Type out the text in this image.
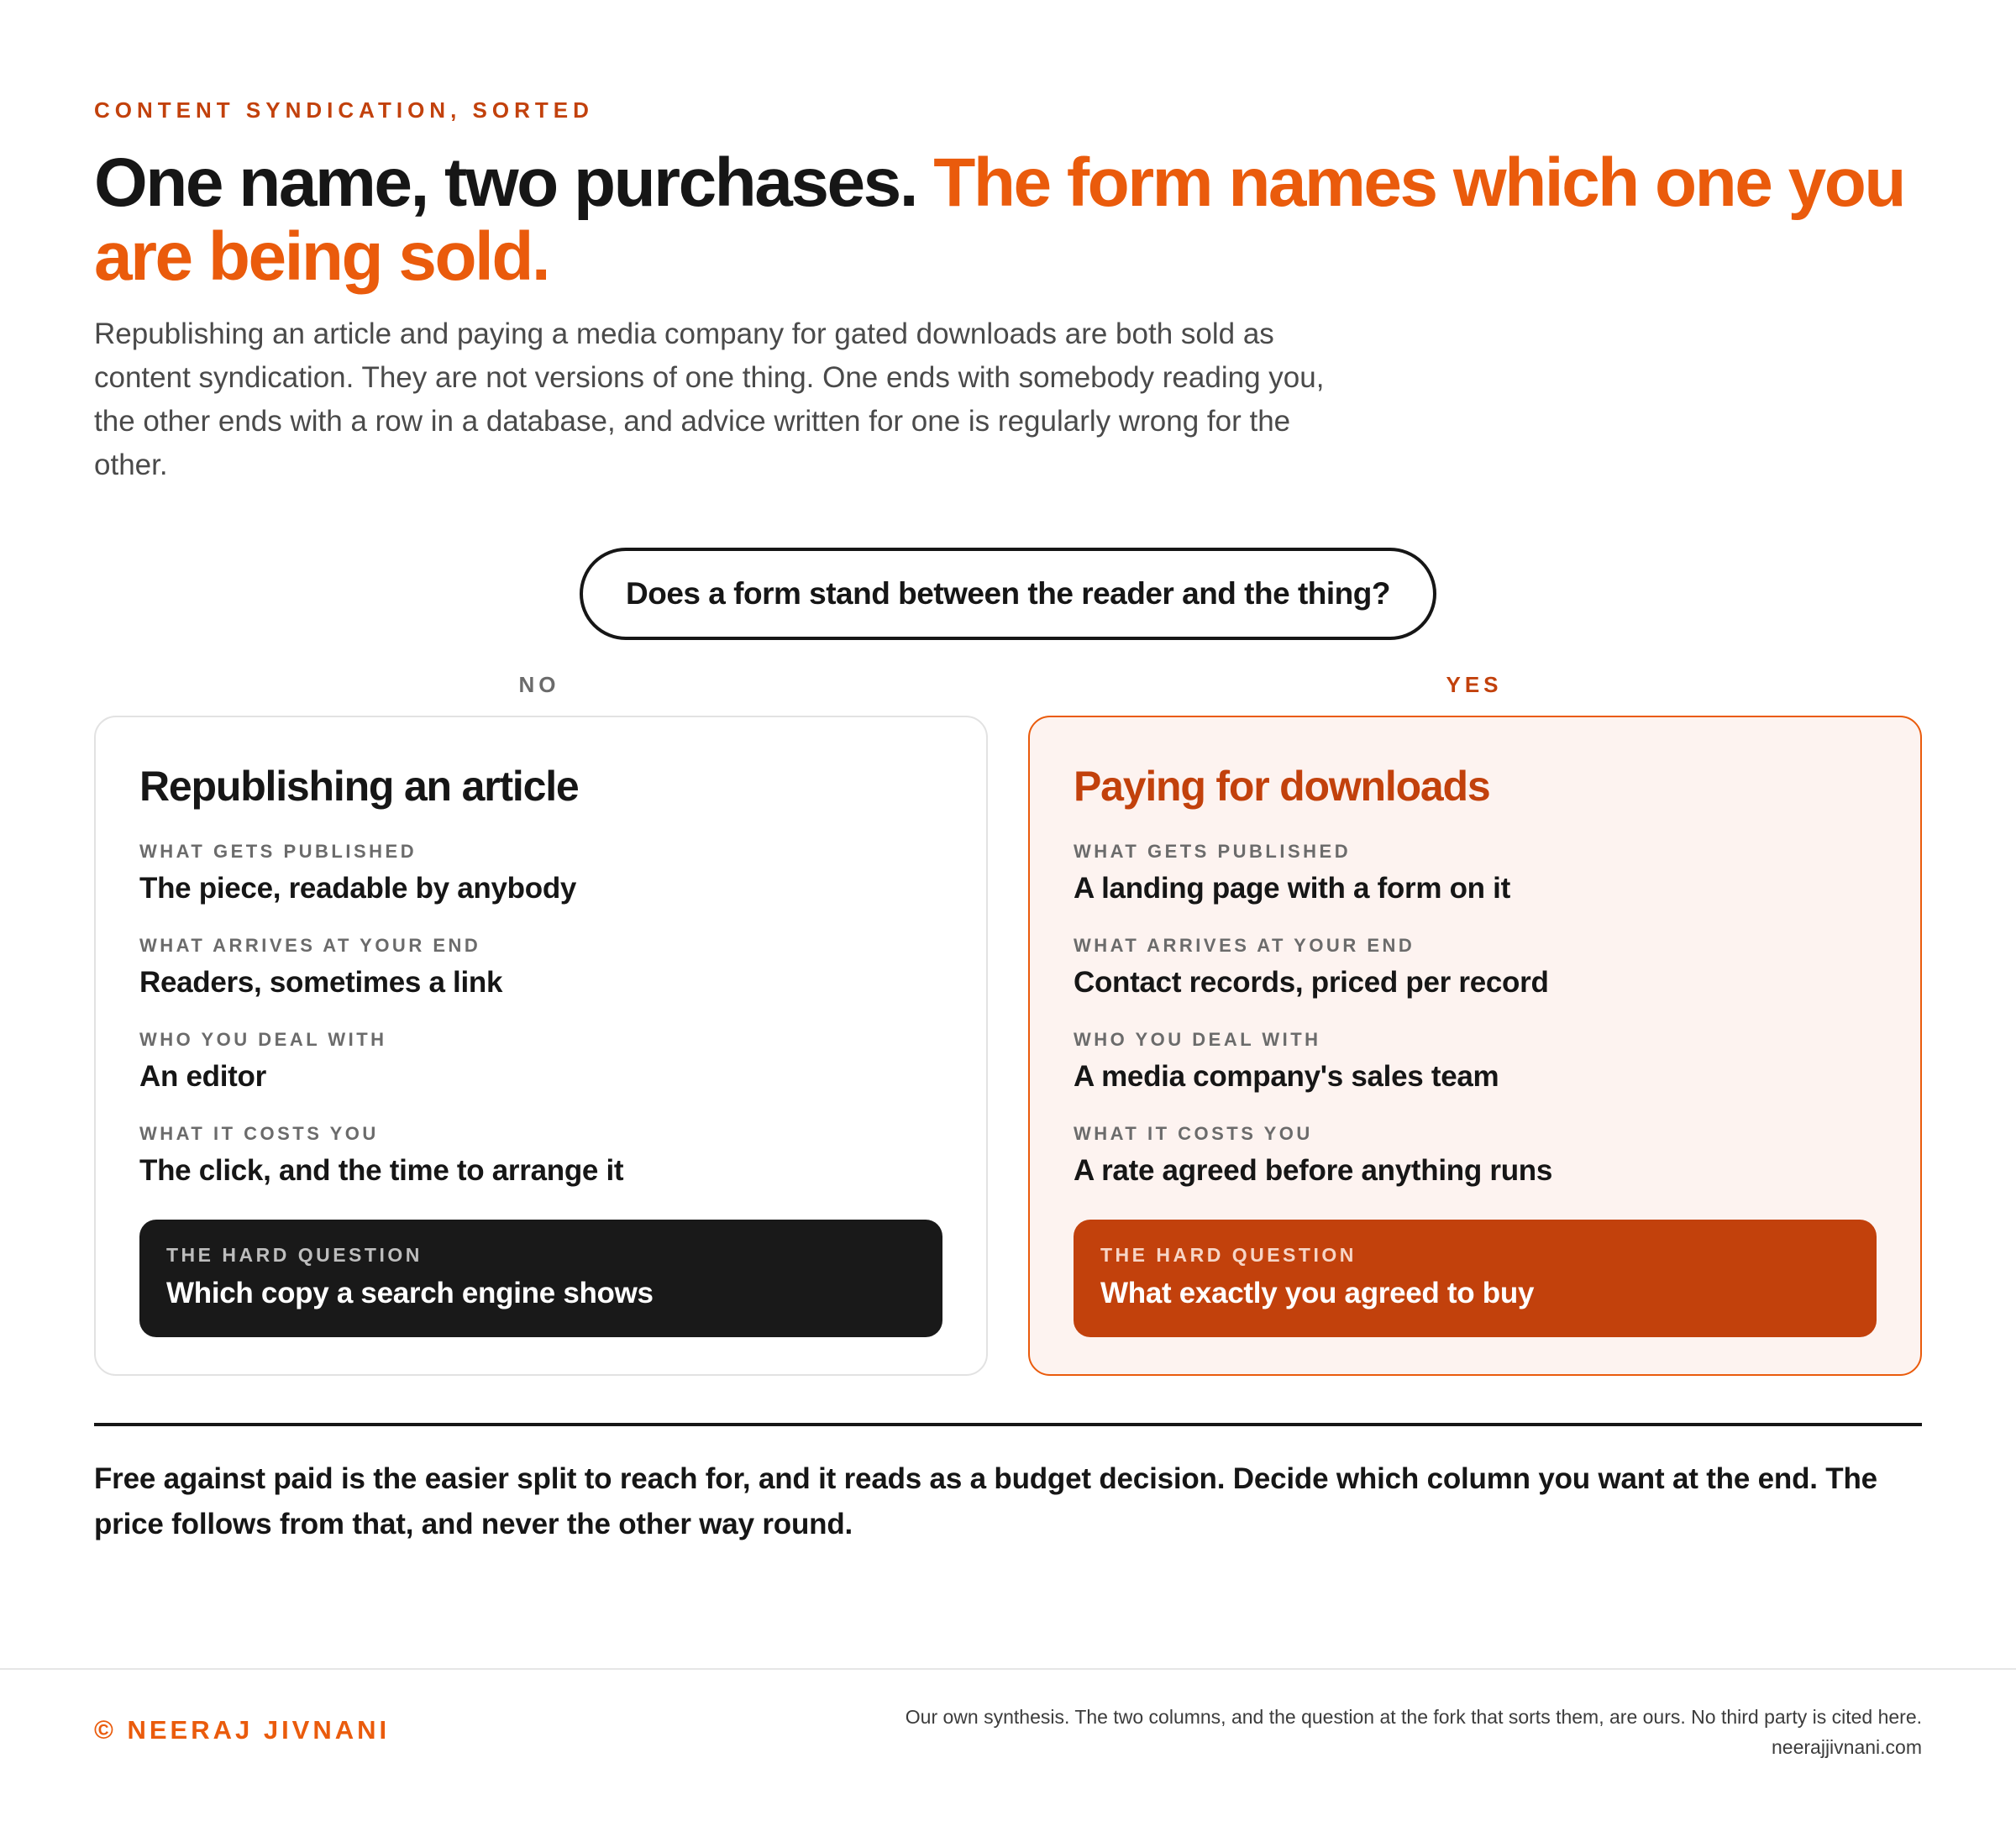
CONTENT SYNDICATION, SORTED
One name, two purchases. The form names which one you are being sold.

Republishing an article and paying a media company for gated downloads are both sold as content syndication. They are not versions of one thing. One ends with somebody reading you, the other ends with a row in a database, and advice written for one is regularly wrong for the other.

Does a form stand between the reader and the thing?
NO	YES
Republishing an article
WHAT GETS PUBLISHED
The piece, readable by anybody
WHAT ARRIVES AT YOUR END
Readers, sometimes a link
WHO YOU DEAL WITH
An editor
WHAT IT COSTS YOU
The click, and the time to arrange it
THE HARD QUESTION
Which copy a search engine shows
Paying for downloads
WHAT GETS PUBLISHED
A landing page with a form on it
WHAT ARRIVES AT YOUR END
Contact records, priced per record
WHO YOU DEAL WITH
A media company's sales team
WHAT IT COSTS YOU
A rate agreed before anything runs
THE HARD QUESTION
What exactly you agreed to buy

Free against paid is the easier split to reach for, and it reads as a budget decision. Decide which column you want at the end. The price follows from that, and never the other way round.

© NEERAJ JIVNANI	Our own synthesis. The two columns, and the question at the fork that sorts them, are ours. No third party is cited here.
neerajjivnani.com
